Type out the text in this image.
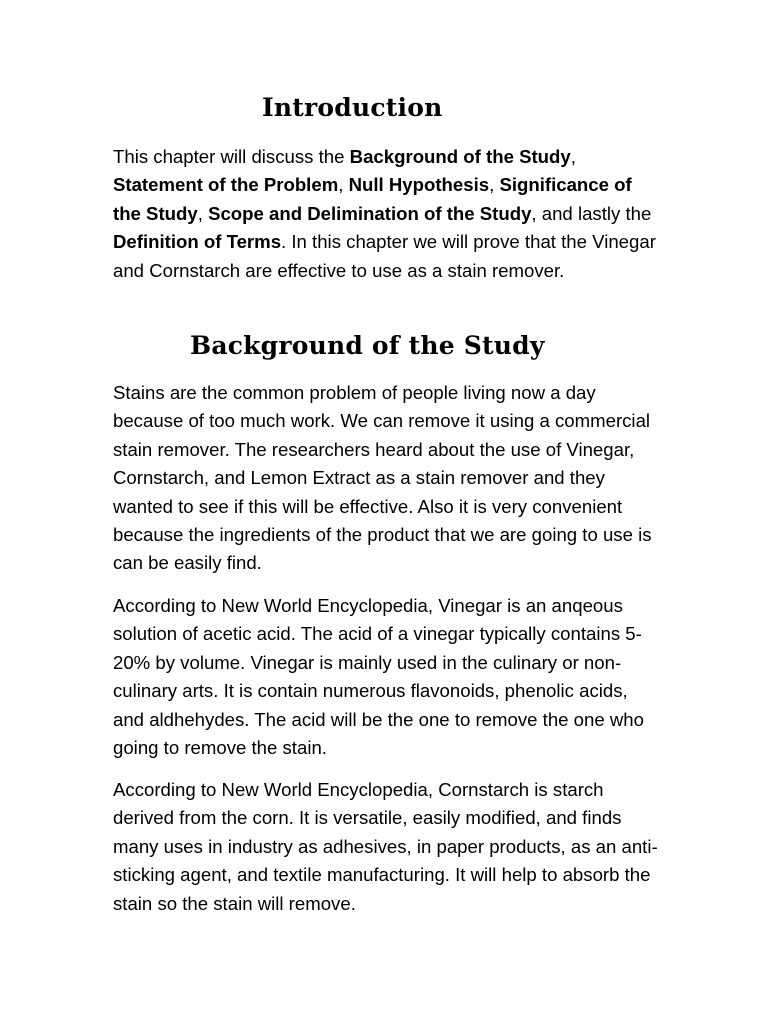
Introduction

This chapter will discuss the Background of the Study, Statement of the Problem, Null Hypothesis, Significance of the Study, Scope and Delimination of the Study, and lastly the Definition of Terms. In this chapter we will prove that the Vinegar and Cornstarch are effective to use as a stain remover.

Background of the Study

Stains are the common problem of people living now a day because of too much work. We can remove it using a commercial stain remover. The researchers heard about the use of Vinegar, Cornstarch, and Lemon Extract as a stain remover and they wanted to see if this will be effective. Also it is very convenient because the ingredients of the product that we are going to use is can be easily find.

According to New World Encyclopedia, Vinegar is an anqeous solution of acetic acid. The acid of a vinegar typically contains 5-20% by volume. Vinegar is mainly used in the culinary or non-culinary arts. It is contain numerous flavonoids, phenolic acids, and aldhehydes. The acid will be the one to remove the one who going to remove the stain.

According to New World Encyclopedia, Cornstarch is starch derived from the corn. It is versatile, easily modified, and finds many uses in industry as adhesives, in paper products, as an anti-sticking agent, and textile manufacturing. It will help to absorb the stain so the stain will remove.
